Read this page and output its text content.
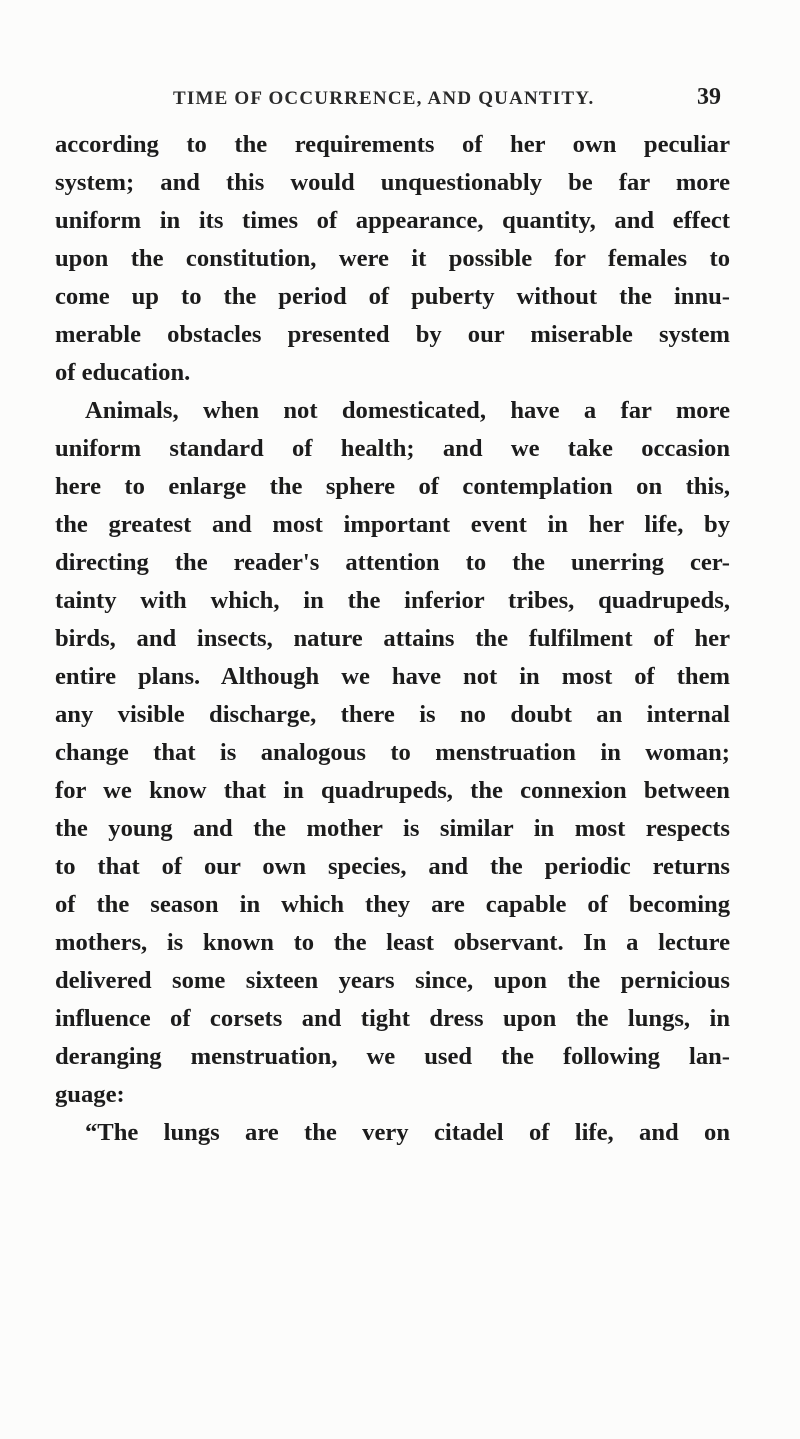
TIME OF OCCURRENCE, AND QUANTITY.	39
according to the requirements of her own peculiar
system; and this would unquestionably be far more
uniform in its times of appearance, quantity, and effect
upon the constitution, were it possible for females to
come up to the period of puberty without the innu-
merable obstacles presented by our miserable system
of education.
Animals, when not domesticated, have a far more
uniform standard of health; and we take occasion
here to enlarge the sphere of contemplation on this,
the greatest and most important event in her life, by
directing the reader's attention to the unerring cer-
tainty with which, in the inferior tribes, quadrupeds,
birds, and insects, nature attains the fulfilment of her
entire plans. Although we have not in most of them
any visible discharge, there is no doubt an internal
change that is analogous to menstruation in woman;
for we know that in quadrupeds, the connexion between
the young and the mother is similar in most respects
to that of our own species, and the periodic returns
of the season in which they are capable of becoming
mothers, is known to the least observant. In a lecture
delivered some sixteen years since, upon the pernicious
influence of corsets and tight dress upon the lungs, in
deranging menstruation, we used the following lan-
guage:
“The lungs are the very citadel of life, and on
